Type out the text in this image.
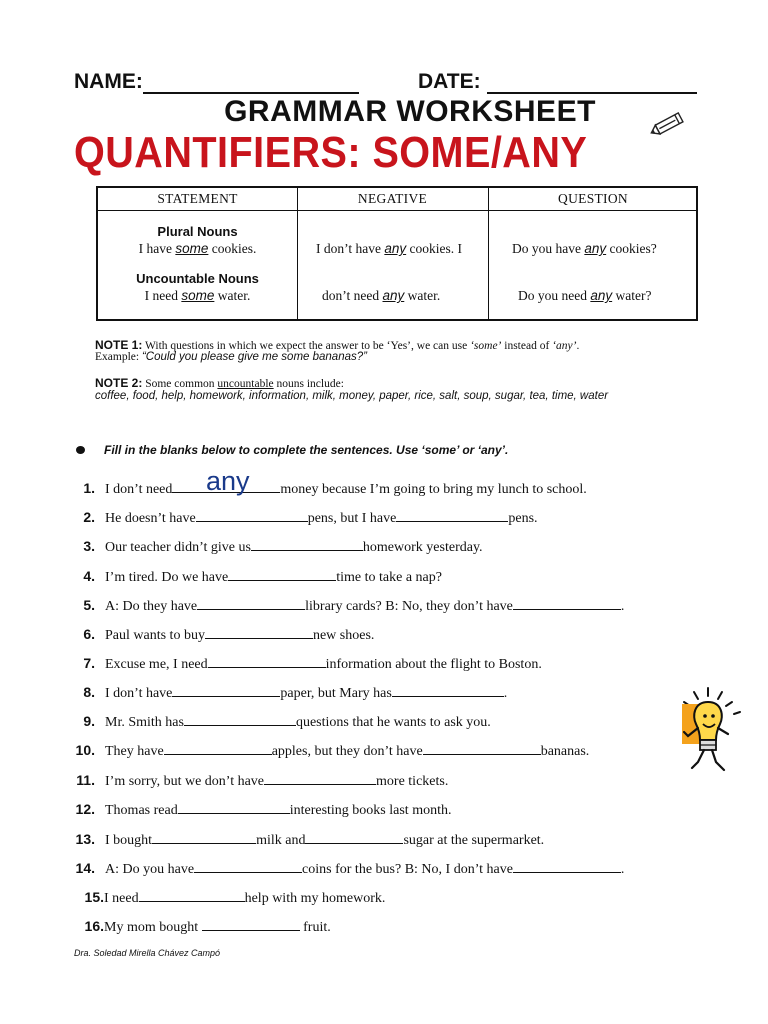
NAME:	DATE:
GRAMMAR WORKSHEET
QUANTIFIERS: SOME/ANY
STATEMENT	NEGATIVE	QUESTION
Plural Nouns
I have some cookies.	I don’t have any cookies. I	Do you have any cookies?
Uncountable Nouns
I need some water.	don’t need any water.	Do you need any water?
NOTE 1: With questions in which we expect the answer to be ‘Yes’, we can use ‘some’ instead of ‘any’.
Example: “Could you please give me some bananas?”
NOTE 2: Some common uncountable nouns include:
coffee, food, help, homework, information, milk, money, paper, rice, salt, soup, sugar, tea, time, water
Fill in the blanks below to complete the sentences. Use ‘some’ or ‘any’.
1. I don’t need	money because I’m going to bring my lunch to school.
2. He doesn’t have	pens, but I have	pens.
3. Our teacher didn’t give us	homework yesterday.
4. I’m tired. Do we have	time to take a nap?
5. A: Do they have	library cards? B: No, they don’t have	.
6. Paul wants to buy	new shoes.
7. Excuse me, I need	information about the flight to Boston.
8. I don’t have	paper, but Mary has	.
9. Mr. Smith has	questions that he wants to ask you.
10. They have	apples, but they don’t have	bananas.
11. I’m sorry, but we don’t have	more tickets.
12. Thomas read	interesting books last month.
13. I bought	milk and	sugar at the supermarket.
14. A: Do you have	coins for the bus? B: No, I don’t have	.
15. I need	help with my homework.
16. My mom bought	fruit.
any
Dra. Soledad Mirella Chávez Campó
